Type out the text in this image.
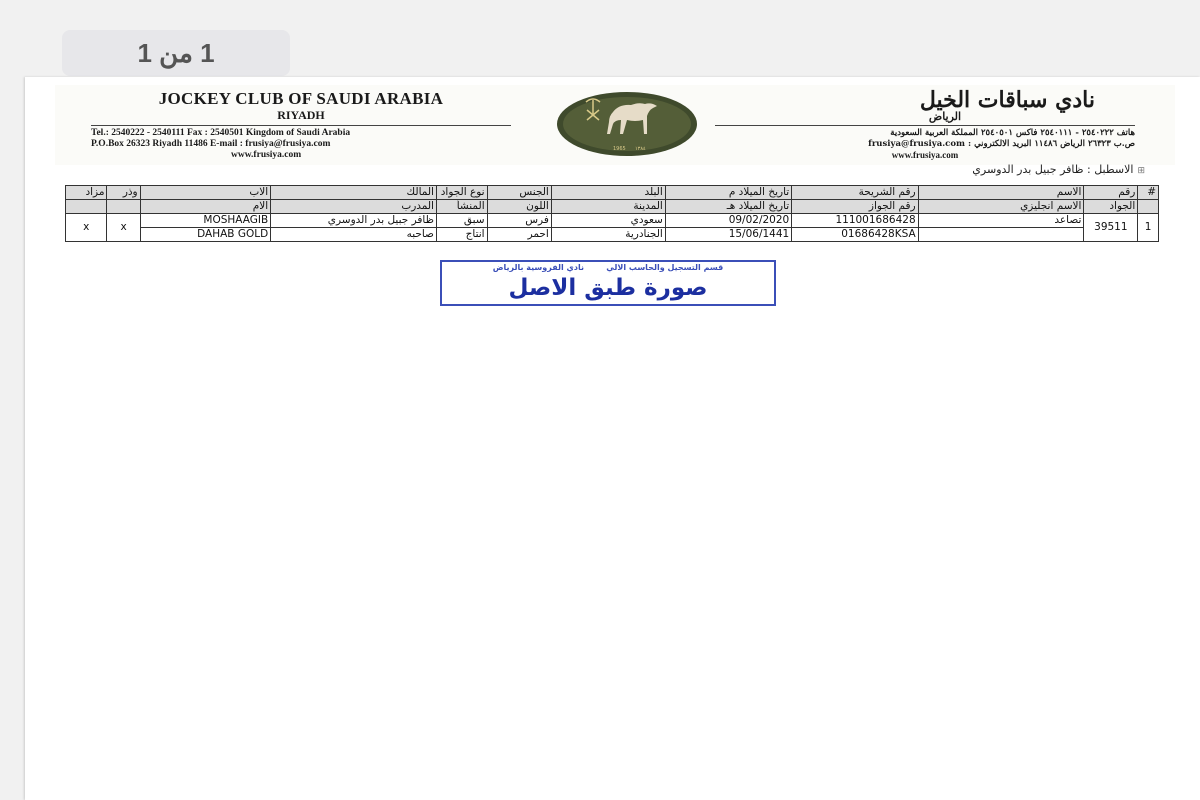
1 من 1
JOCKEY CLUB OF SAUDI ARABIA
RIYADH
Tel.: 2540222 - 2540111 Fax : 2540501 Kingdom of Saudi Arabia
P.O.Box 26323 Riyadh 11486 E-mail : frusiya@frusiya.com
www.frusiya.com
1965 ١٣٨٤
نادي سباقات الخيل
الرياض
هاتف ٢٥٤٠٢٢٢ - ٢٥٤٠١١١ فاكس ٢٥٤٠٥٠١ المملكة العربية السعودية
ص.ب ٢٦٣٢٣ الرياض ١١٤٨٦ البريد الالكتروني : frusiya@frusiya.com
www.frusiya.com
⊞الاسطبل : ظافر جبيل بدر الدوسري
#	رقم	الاسم	رقم الشريحة	تاريخ الميلاد م	البلد	الجنس	نوع الجواد	المالك	الاب	وذر	مزاد
	الجواد	الاسم انجليزي	رقم الجواز	تاريخ الميلاد هـ	المدينة	اللون	المنشأ	المدرب	الام		
1	39511	تصاعد	111001686428	09/02/2020	سعودي	فرس	سبق	ظافر جبيل بدر الدوسري	MOSHAAGIB	x	x
			01686428KSA	15/06/1441	الجنادرية	احمر	انتاج	صاحبه	DAHAB GOLD		
قسم التسجيل والحاسب الالي        نادي الفروسية بالرياض
صورة طبق الاصل
